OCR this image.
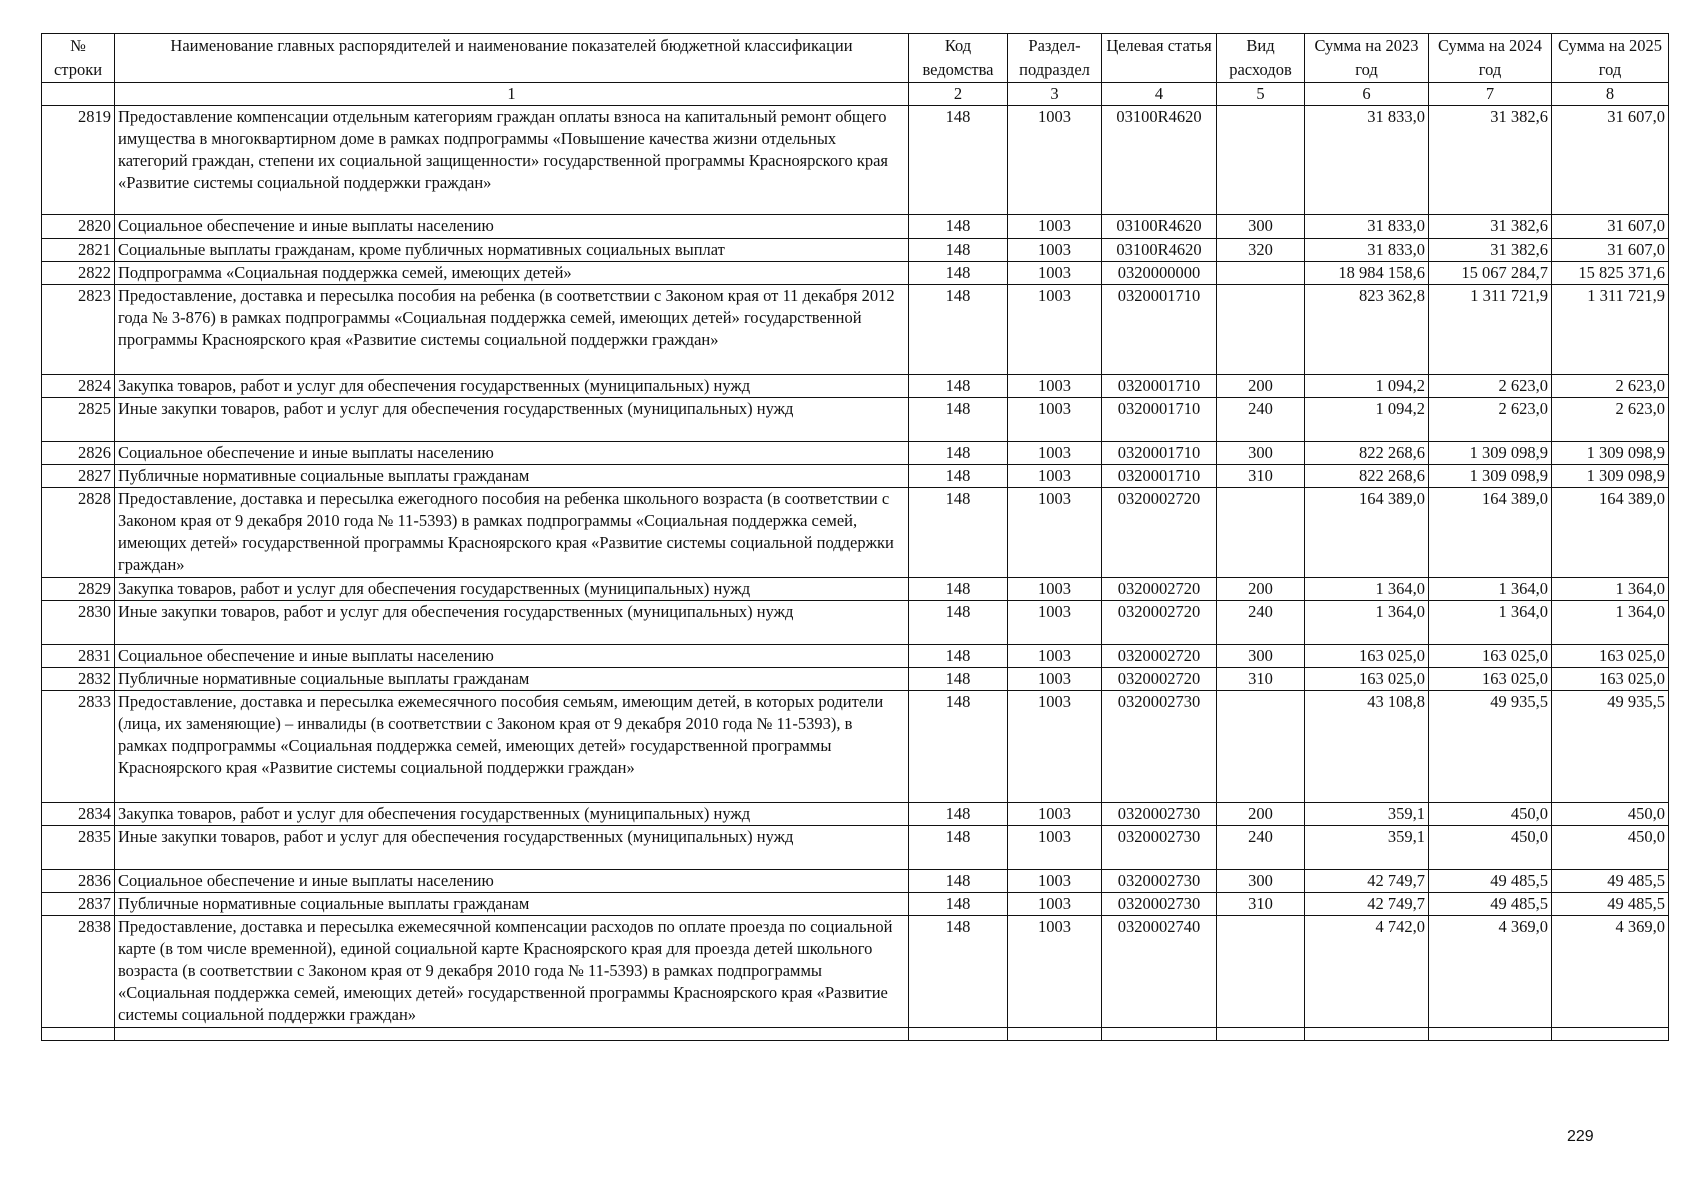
№ строки	Наименование главных распорядителей и наименование показателей бюджетной классификации	Код ведомства	Раздел-подраздел	Целевая статья	Вид расходов	Сумма на 2023 год	Сумма на 2024 год	Сумма на 2025 год
	1	2	3	4	5	6	7	8
2819	Предоставление компенсации отдельным категориям граждан оплаты взноса на капитальный ремонт общего имущества в многоквартирном доме в рамках подпрограммы «Повышение качества жизни отдельных категорий граждан, степени их социальной защищенности» государственной программы Красноярского края «Развитие системы социальной поддержки граждан»	148	1003	03100R4620		31 833,0	31 382,6	31 607,0
2820	Социальное обеспечение и иные выплаты населению	148	1003	03100R4620	300	31 833,0	31 382,6	31 607,0
2821	Социальные выплаты гражданам, кроме публичных нормативных социальных выплат	148	1003	03100R4620	320	31 833,0	31 382,6	31 607,0
2822	Подпрограмма «Социальная поддержка семей, имеющих детей»	148	1003	0320000000		18 984 158,6	15 067 284,7	15 825 371,6
2823	Предоставление, доставка и пересылка пособия на ребенка (в соответствии с Законом края от 11 декабря 2012 года № 3-876) в рамках подпрограммы «Социальная поддержка семей, имеющих детей» государственной программы Красноярского края «Развитие системы социальной поддержки граждан»	148	1003	0320001710		823 362,8	1 311 721,9	1 311 721,9
2824	Закупка товаров, работ и услуг для обеспечения государственных (муниципальных) нужд	148	1003	0320001710	200	1 094,2	2 623,0	2 623,0
2825	Иные закупки товаров, работ и услуг для обеспечения государственных (муниципальных) нужд	148	1003	0320001710	240	1 094,2	2 623,0	2 623,0
2826	Социальное обеспечение и иные выплаты населению	148	1003	0320001710	300	822 268,6	1 309 098,9	1 309 098,9
2827	Публичные нормативные социальные выплаты гражданам	148	1003	0320001710	310	822 268,6	1 309 098,9	1 309 098,9
2828	Предоставление, доставка и пересылка ежегодного пособия на ребенка школьного возраста (в соответствии с Законом края от 9 декабря 2010 года № 11-5393) в рамках подпрограммы «Социальная поддержка семей, имеющих детей» государственной программы Красноярского края «Развитие системы социальной поддержки граждан»	148	1003	0320002720		164 389,0	164 389,0	164 389,0
2829	Закупка товаров, работ и услуг для обеспечения государственных (муниципальных) нужд	148	1003	0320002720	200	1 364,0	1 364,0	1 364,0
2830	Иные закупки товаров, работ и услуг для обеспечения государственных (муниципальных) нужд	148	1003	0320002720	240	1 364,0	1 364,0	1 364,0
2831	Социальное обеспечение и иные выплаты населению	148	1003	0320002720	300	163 025,0	163 025,0	163 025,0
2832	Публичные нормативные социальные выплаты гражданам	148	1003	0320002720	310	163 025,0	163 025,0	163 025,0
2833	Предоставление, доставка и пересылка ежемесячного пособия семьям, имеющим детей, в которых родители (лица, их заменяющие) – инвалиды (в соответствии с Законом края от 9 декабря 2010 года № 11-5393), в рамках подпрограммы «Социальная поддержка семей, имеющих детей» государственной программы Красноярского края «Развитие системы социальной поддержки граждан»	148	1003	0320002730		43 108,8	49 935,5	49 935,5
2834	Закупка товаров, работ и услуг для обеспечения государственных (муниципальных) нужд	148	1003	0320002730	200	359,1	450,0	450,0
2835	Иные закупки товаров, работ и услуг для обеспечения государственных (муниципальных) нужд	148	1003	0320002730	240	359,1	450,0	450,0
2836	Социальное обеспечение и иные выплаты населению	148	1003	0320002730	300	42 749,7	49 485,5	49 485,5
2837	Публичные нормативные социальные выплаты гражданам	148	1003	0320002730	310	42 749,7	49 485,5	49 485,5
2838	Предоставление, доставка и пересылка ежемесячной компенсации расходов по оплате проезда по социальной карте (в том числе временной), единой социальной карте Красноярского края для проезда детей школьного возраста (в соответствии с Законом края от 9 декабря 2010 года № 11-5393) в рамках подпрограммы «Социальная поддержка семей, имеющих детей» государственной программы Красноярского края «Развитие системы социальной поддержки граждан»	148	1003	0320002740		4 742,0	4 369,0	4 369,0

229
